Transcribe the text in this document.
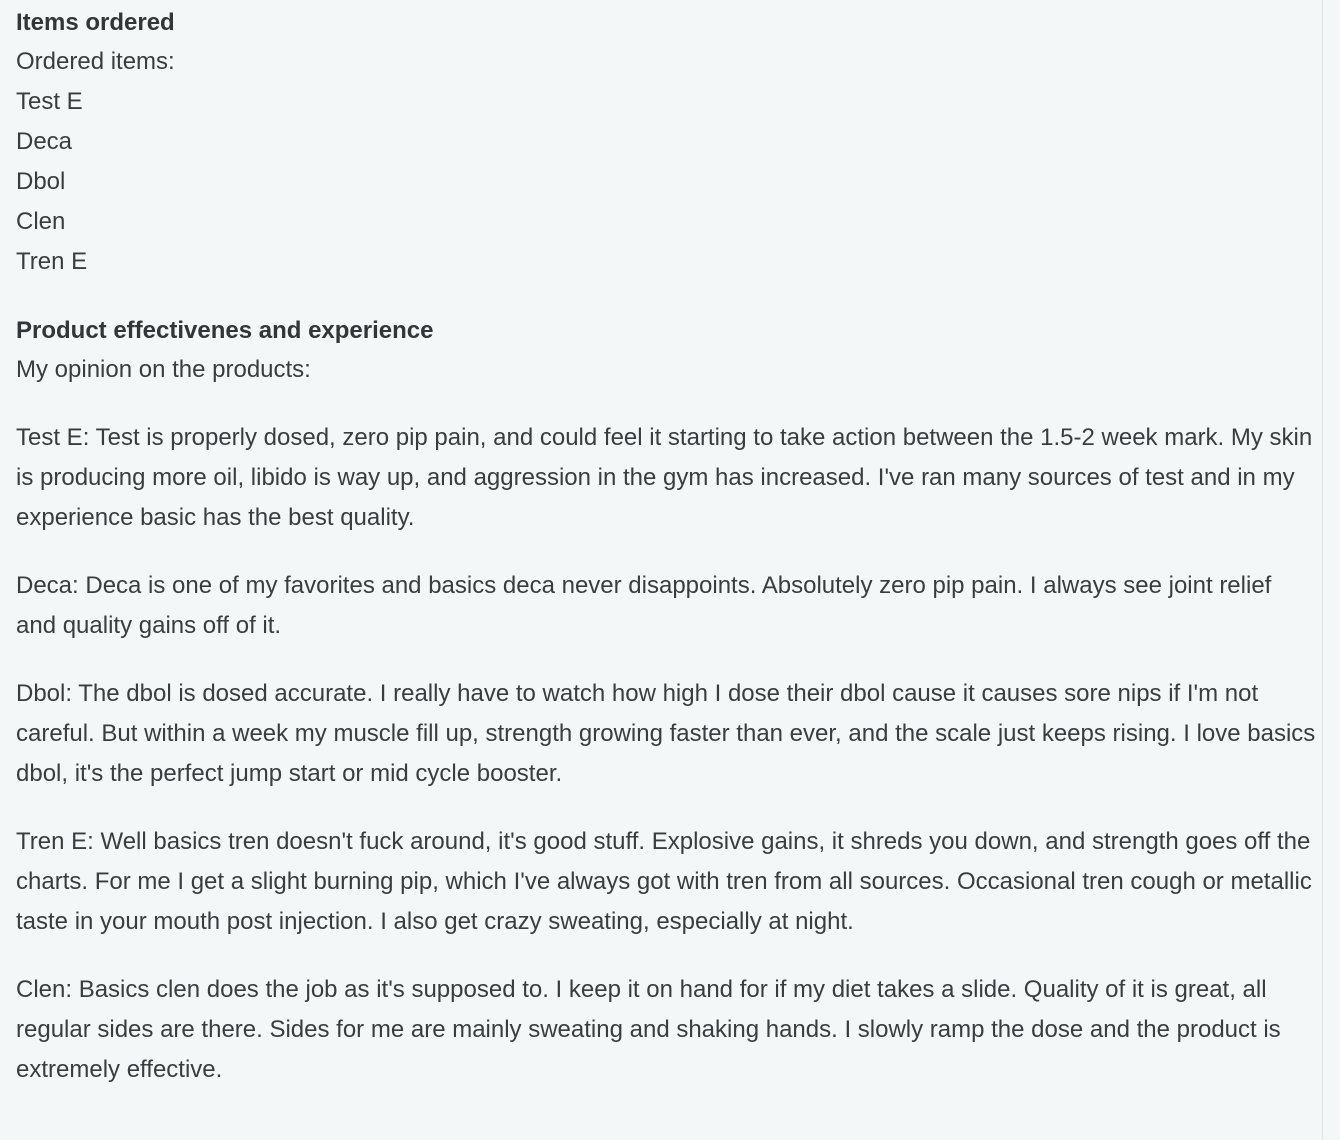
Items ordered

Ordered items:

Test E

Deca

Dbol

Clen

Tren E

Product effectivenes and experience

My opinion on the products:

Test E: Test is properly dosed, zero pip pain, and could feel it starting to take action between the 1.5-2 week mark. My skin is producing more oil, libido is way up, and aggression in the gym has increased. I've ran many sources of test and in my experience basic has the best quality.

Deca: Deca is one of my favorites and basics deca never disappoints. Absolutely zero pip pain. I always see joint relief and quality gains off of it.

Dbol: The dbol is dosed accurate. I really have to watch how high I dose their dbol cause it causes sore nips if I'm not careful. But within a week my muscle fill up, strength growing faster than ever, and the scale just keeps rising. I love basics dbol, it's the perfect jump start or mid cycle booster.

Tren E: Well basics tren doesn't fuck around, it's good stuff. Explosive gains, it shreds you down, and strength goes off the charts. For me I get a slight burning pip, which I've always got with tren from all sources. Occasional tren cough or metallic taste in your mouth post injection. I also get crazy sweating, especially at night.

Clen: Basics clen does the job as it's supposed to. I keep it on hand for if my diet takes a slide. Quality of it is great, all regular sides are there. Sides for me are mainly sweating and shaking hands. I slowly ramp the dose and the product is extremely effective.
